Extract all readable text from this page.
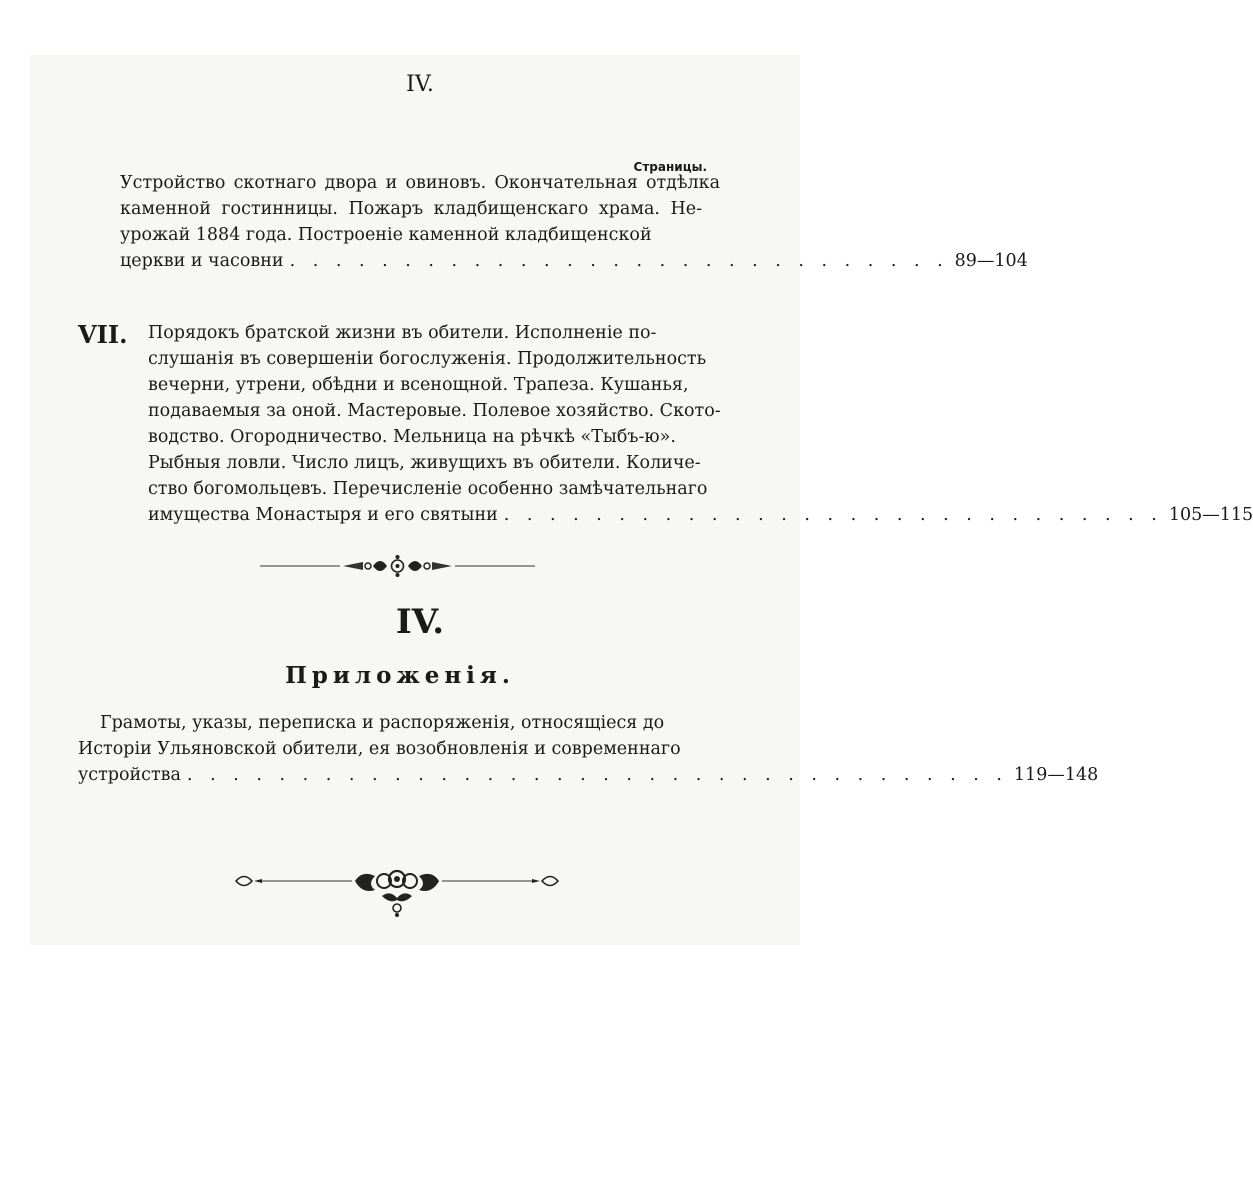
IV.
Страницы.
Устройство скотнаго двора и овиновъ. Окончательная отдѣлка
каменной гостинницы. Пожаръ кладбищенскаго храма. Не-
урожай 1884 года. Построеніе каменной кладбищенской
церкви и часовни . . . . . . . . . . . . . . . . . . . . . . . . . . . . . 89—104
VII. Порядокъ братской жизни въ обители. Исполненіе по-
слушанія въ совершеніи богослуженія. Продолжительность
вечерни, утрени, обѣдни и всенощной. Трапеза. Кушанья,
подаваемыя за оной. Мастеровые. Полевое хозяйство. Ското-
водство. Огородничество. Мельница на рѣчкѣ «Тыбъ-ю».
Рыбныя ловли. Число лицъ, живущихъ въ обители. Количе-
ство богомольцевъ. Перечисленіе особенно замѣчательнаго
имущества Монастыря и его святыни . . . . . . . . . . . . . . . . . . . . . . . . . . . . . 105—115
IV.
Приложенія.
Грамоты, указы, переписка и распоряженія, относящіеся до
Исторіи Ульяновской обители, ея возобновленія и современнаго
устройства . . . . . . . . . . . . . . . . . . . . . . . . . . . . . . . . . . . . 119—148
